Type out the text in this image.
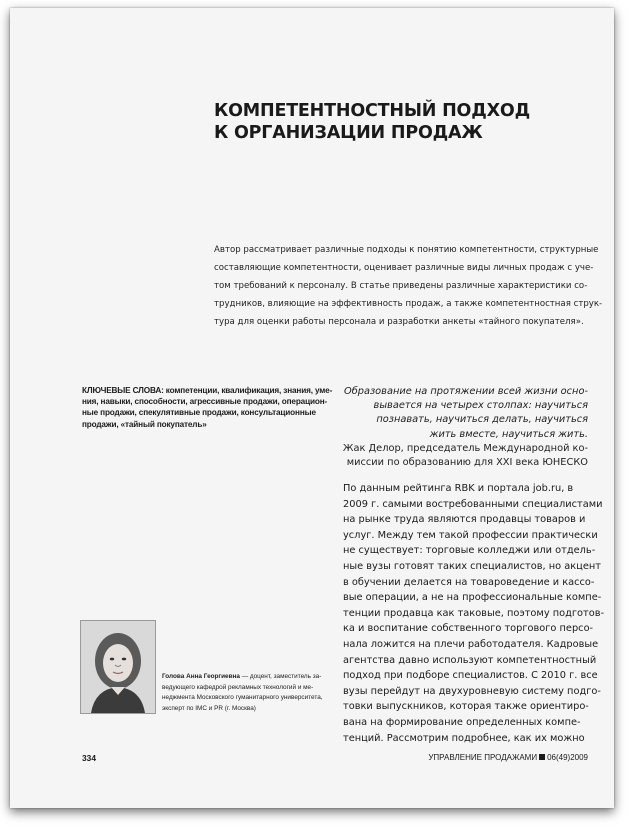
КОМПЕТЕНТНОСТНЫЙ ПОДХОД
К ОРГАНИЗАЦИИ ПРОДАЖ
Автор рассматривает различные подходы к понятию компетентности, структурные
составляющие компетентности, оценивает различные виды личных продаж с уче-
том требований к персоналу. В статье приведены различные характеристики со-
трудников, влияющие на эффективность продаж, а также компетентностная струк-
тура для оценки работы персонала и разработки анкеты «тайного покупателя».
КЛЮЧЕВЫЕ СЛОВА: компетенции, квалификация, знания, уме-
ния, навыки, способности, агрессивные продажи, операцион-
ные продажи, спекулятивные продажи, консультационные
продажи, «тайный покупатель»
Образование на протяжении всей жизни осно-
вывается на четырех столпах: научиться
познавать, научиться делать, научиться
жить вместе, научиться жить.
Жак Делор, председатель Международной ко-
миссии по образованию для XXI века ЮНЕСКО
По данным рейтинга RBK и портала job.ru, в
2009 г. самыми востребованными специалистами
на рынке труда являются продавцы товаров и
услуг. Между тем такой профессии практически
не существует: торговые колледжи или отдель-
ные вузы готовят таких специалистов, но акцент
в обучении делается на товароведение и кассо-
вые операции, а не на профессиональные компе-
тенции продавца как таковые, поэтому подготов-
ка и воспитание собственного торгового персо-
нала ложится на плечи работодателя. Кадровые
агентства давно используют компетентностный
подход при подборе специалистов. С 2010 г. все
вузы перейдут на двухуровневую систему подго-
товки выпускников, которая также ориентиро-
вана на формирование определенных компе-
тенций. Рассмотрим подробнее, как их можно
Голова Анна Георгиевна — доцент, заместитель за-
ведующего кафедрой рекламных технологий и ме-
неджмента Московского гуманитарного университета,
эксперт по IMC и PR (г. Москва)
334	УПРАВЛЕНИЕ ПРОДАЖАМИ 06(49)2009
